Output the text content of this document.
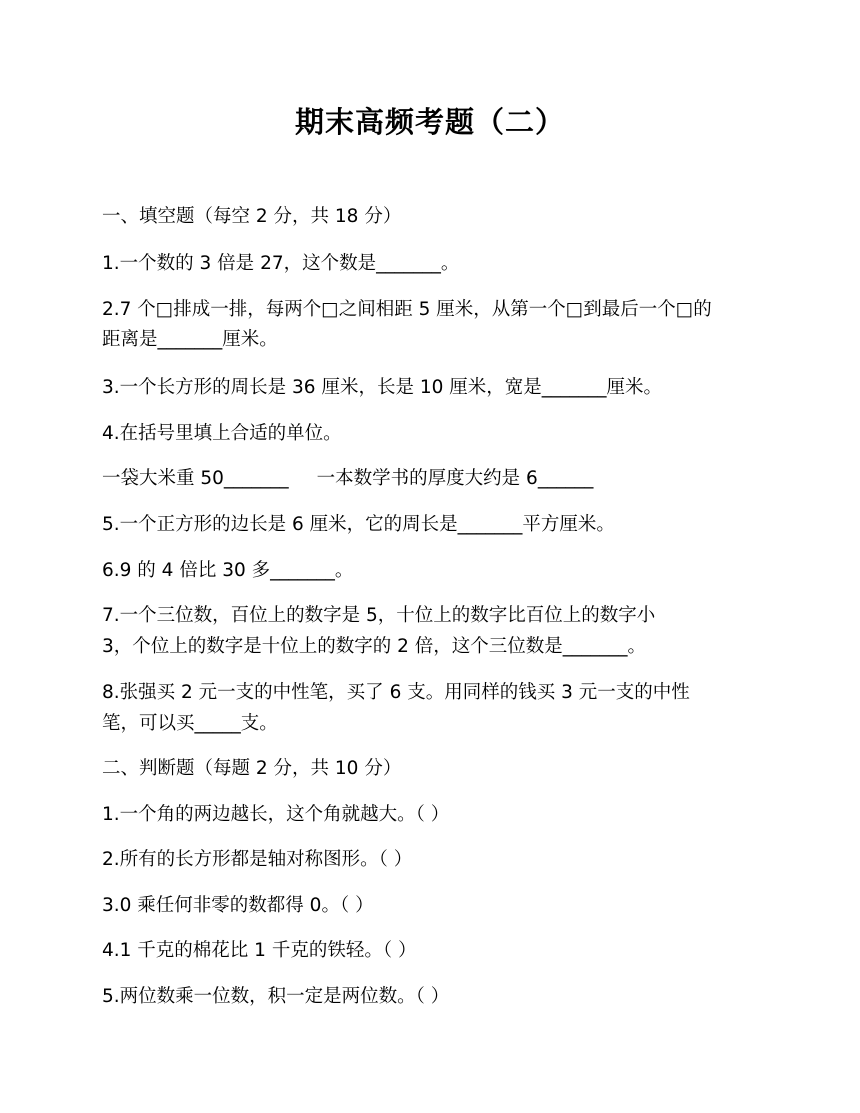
期末高频考题（二）
一、填空题（每空 2 分，共 18 分）
1.一个数的 3 倍是 27，这个数是_______。
2.7 个□排成一排，每两个□之间相距 5 厘米，从第一个□到最后一个□的
距离是_______厘米。
3.一个长方形的周长是 36 厘米，长是 10 厘米，宽是_______厘米。
4.在括号里填上合适的单位。
一袋大米重 50_______ 一本数学书的厚度大约是 6______
5.一个正方形的边长是 6 厘米，它的周长是_______平方厘米。
6.9 的 4 倍比 30 多_______。
7.一个三位数，百位上的数字是 5，十位上的数字比百位上的数字小
3，个位上的数字是十位上的数字的 2 倍，这个三位数是_______。
8.张强买 2 元一支的中性笔，买了 6 支。用同样的钱买 3 元一支的中性
笔，可以买_____支。
二、判断题（每题 2 分，共 10 分）
1.一个角的两边越长，这个角就越大。（ ）
2.所有的长方形都是轴对称图形。（ ）
3.0 乘任何非零的数都得 0。（ ）
4.1 千克的棉花比 1 千克的铁轻。（ ）
5.两位数乘一位数，积一定是两位数。（ ）
